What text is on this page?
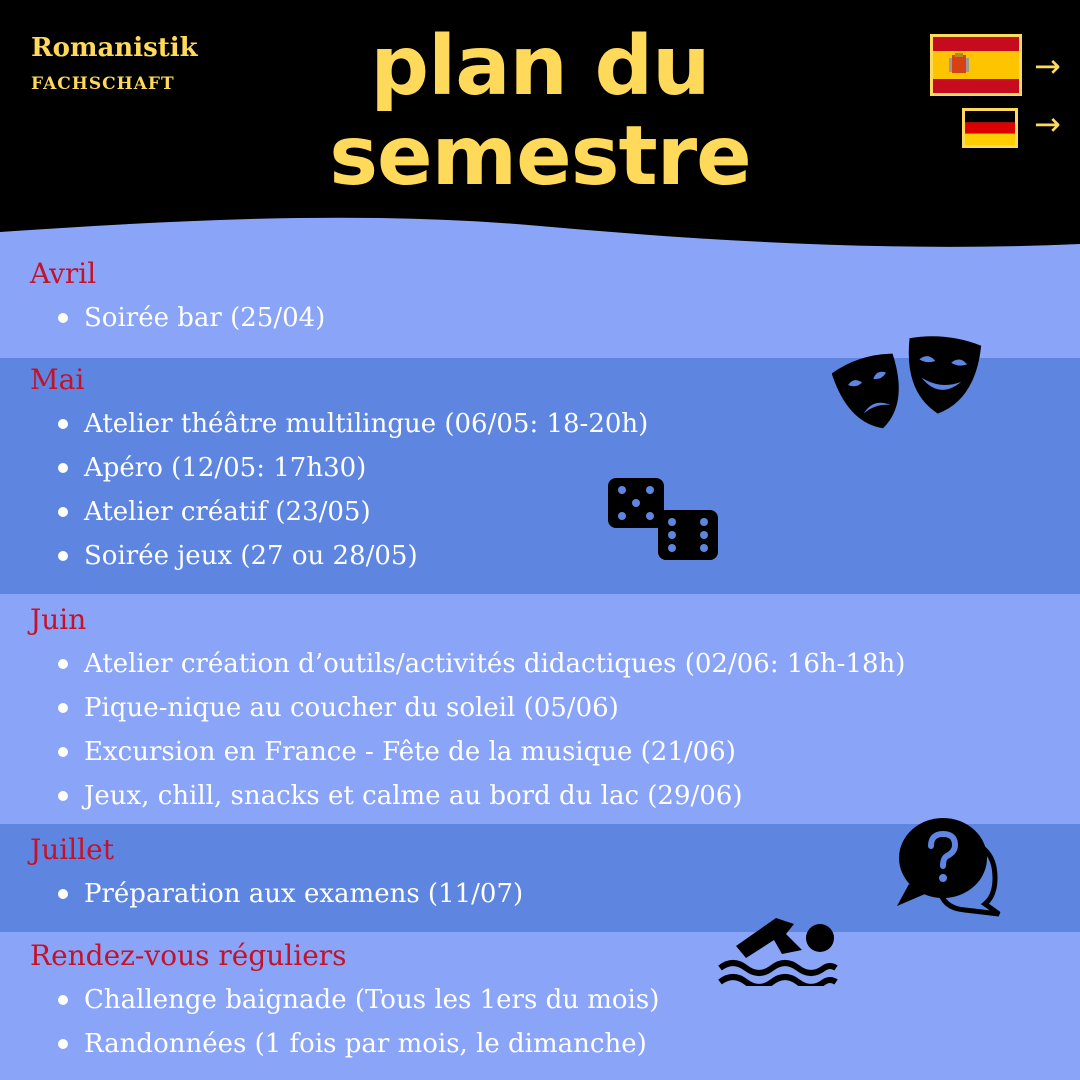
Romanistik
FACHSCHAFT	plan du
semestre
→
→
Avril
Soirée bar (25/04)
Mai
Atelier théâtre multilingue (06/05: 18-20h)
Apéro (12/05: 17h30)
Atelier créatif (23/05)
Soirée jeux (27 ou 28/05)
Juin
Atelier création d’outils/activités didactiques (02/06: 16h-18h)
Pique-nique au coucher du soleil (05/06)
Excursion en France - Fête de la musique (21/06)
Jeux, chill, snacks et calme au bord du lac (29/06)
Juillet
Préparation aux examens (11/07)
Rendez-vous réguliers
Challenge baignade (Tous les 1ers du mois)
Randonnées (1 fois par mois, le dimanche)
